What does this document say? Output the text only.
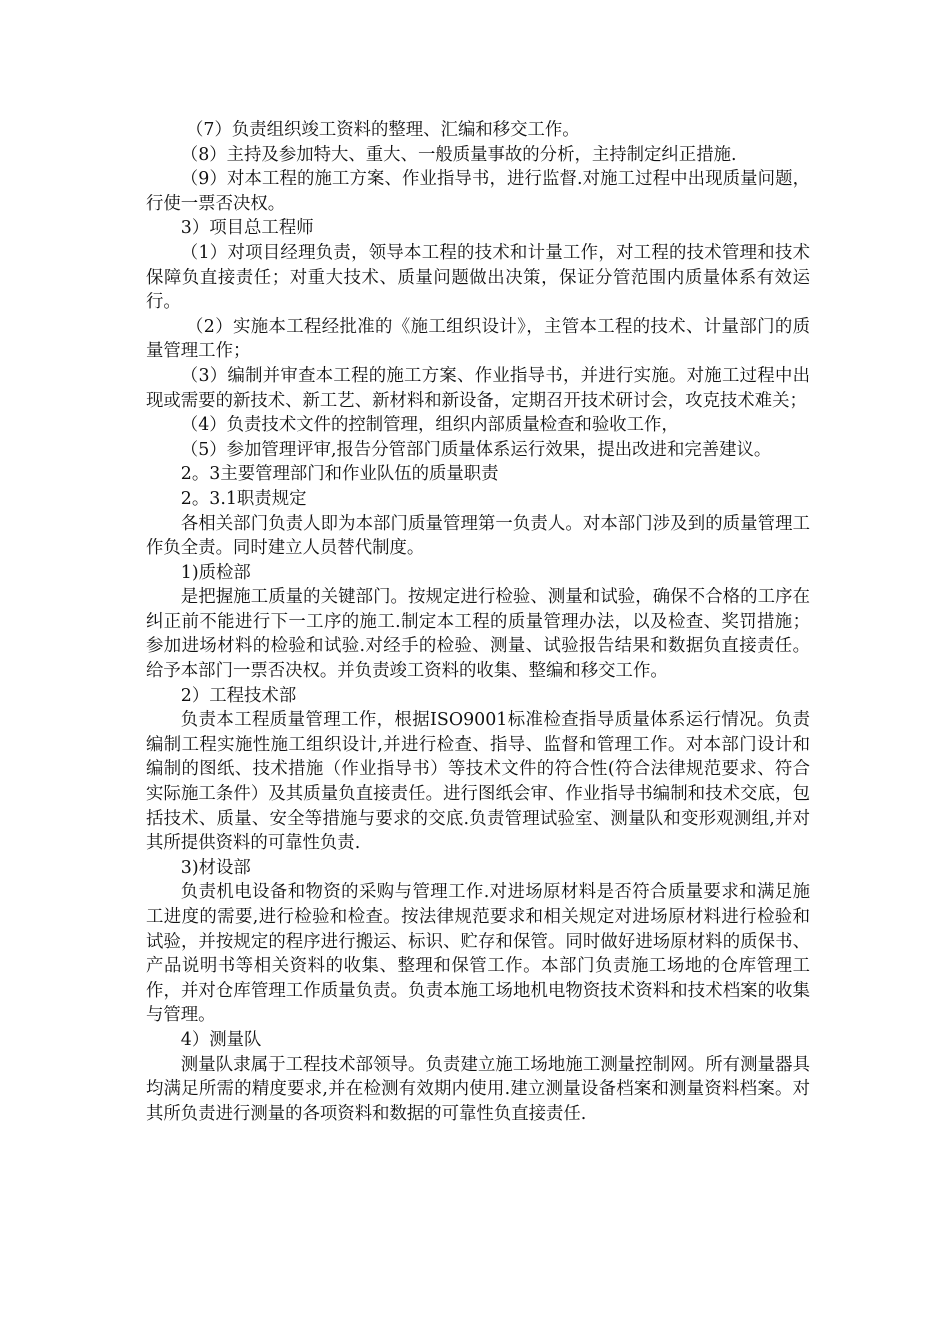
（7）负责组织竣工资料的整理、汇编和移交工作。

（8）主持及参加特大、重大、一般质量事故的分析，主持制定纠正措施.

（9）对本工程的施工方案、作业指导书，进行监督.对施工过程中出现质量问题，行使一票否决权。

3）项目总工程师

（1）对项目经理负责，领导本工程的技术和计量工作，对工程的技术管理和技术保障负直接责任；对重大技术、质量问题做出决策，保证分管范围内质量体系有效运行。

（2）实施本工程经批准的《施工组织设计》，主管本工程的技术、计量部门的质量管理工作；

（3）编制并审查本工程的施工方案、作业指导书，并进行实施。对施工过程中出现或需要的新技术、新工艺、新材料和新设备，定期召开技术研讨会，攻克技术难关；

（4）负责技术文件的控制管理，组织内部质量检查和验收工作，

（5）参加管理评审,报告分管部门质量体系运行效果，提出改进和完善建议。

2。3主要管理部门和作业队伍的质量职责

2。3.1职责规定

各相关部门负责人即为本部门质量管理第一负责人。对本部门涉及到的质量管理工作负全责。同时建立人员替代制度。

1)质检部

是把握施工质量的关键部门。按规定进行检验、测量和试验，确保不合格的工序在纠正前不能进行下一工序的施工.制定本工程的质量管理办法，以及检查、奖罚措施；参加进场材料的检验和试验.对经手的检验、测量、试验报告结果和数据负直接责任。给予本部门一票否决权。并负责竣工资料的收集、整编和移交工作。

2）工程技术部

负责本工程质量管理工作，根据ISO9001标准检查指导质量体系运行情况。负责编制工程实施性施工组织设计,并进行检查、指导、监督和管理工作。对本部门设计和编制的图纸、技术措施（作业指导书）等技术文件的符合性(符合法律规范要求、符合实际施工条件）及其质量负直接责任。进行图纸会审、作业指导书编制和技术交底，包括技术、质量、安全等措施与要求的交底.负责管理试验室、测量队和变形观测组,并对其所提供资料的可靠性负责.

3)材设部

负责机电设备和物资的采购与管理工作.对进场原材料是否符合质量要求和满足施工进度的需要,进行检验和检查。按法律规范要求和相关规定对进场原材料进行检验和试验，并按规定的程序进行搬运、标识、贮存和保管。同时做好进场原材料的质保书、产品说明书等相关资料的收集、整理和保管工作。本部门负责施工场地的仓库管理工作，并对仓库管理工作质量负责。负责本施工场地机电物资技术资料和技术档案的收集与管理。

4）测量队

测量队隶属于工程技术部领导。负责建立施工场地施工测量控制网。所有测量器具均满足所需的精度要求,并在检测有效期内使用.建立测量设备档案和测量资料档案。对其所负责进行测量的各项资料和数据的可靠性负直接责任.
